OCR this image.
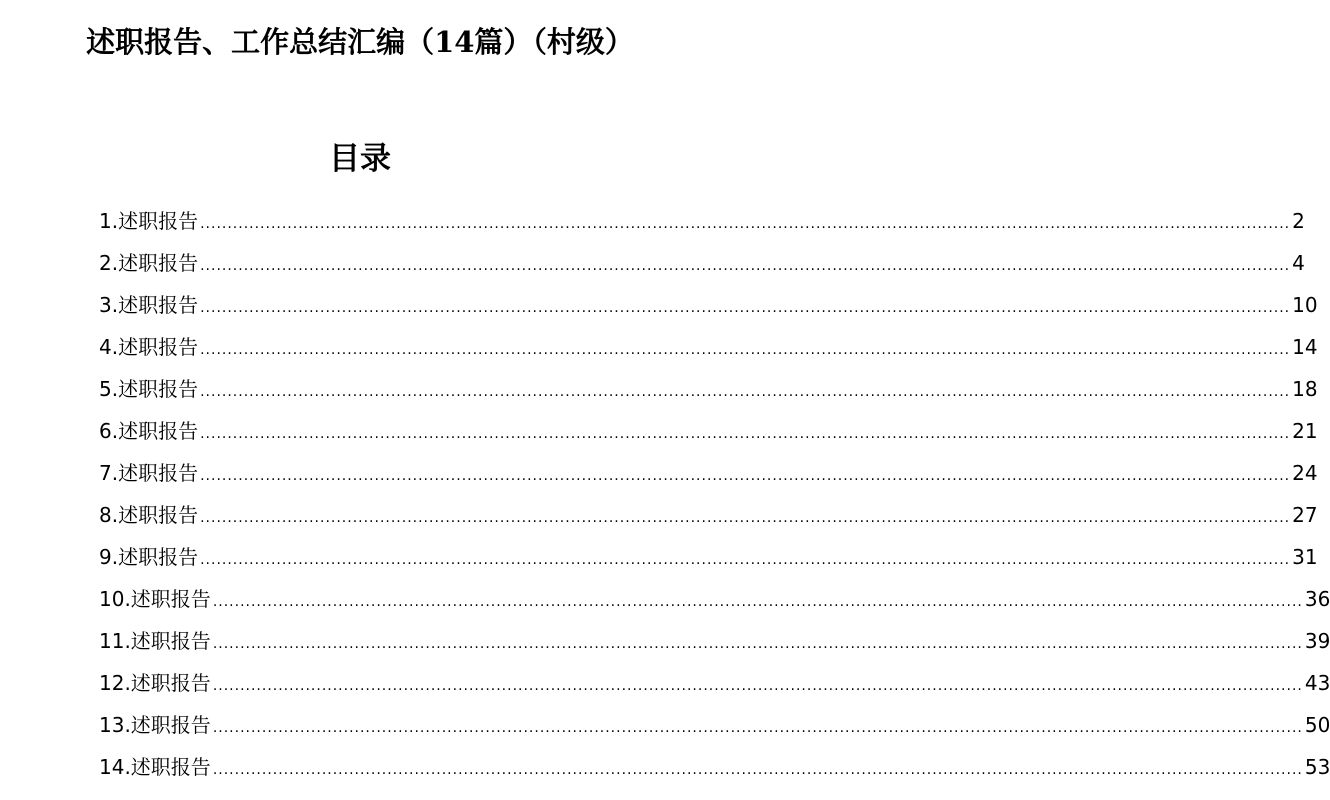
述职报告、工作总结汇编（14篇）（村级）
目录
1.述职报告 ........................................................................................................................................................................................................ 2
2.述职报告 ........................................................................................................................................................................................................ 4
3.述职报告 ........................................................................................................................................................................................................ 10
4.述职报告 ........................................................................................................................................................................................................ 14
5.述职报告 ........................................................................................................................................................................................................ 18
6.述职报告 ........................................................................................................................................................................................................ 21
7.述职报告 ........................................................................................................................................................................................................ 24
8.述职报告 ........................................................................................................................................................................................................ 27
9.述职报告 ........................................................................................................................................................................................................ 31
10.述职报告 ........................................................................................................................................................................................................ 36
11.述职报告 ........................................................................................................................................................................................................ 39
12.述职报告 ........................................................................................................................................................................................................ 43
13.述职报告 ........................................................................................................................................................................................................ 50
14.述职报告 ........................................................................................................................................................................................................ 53
